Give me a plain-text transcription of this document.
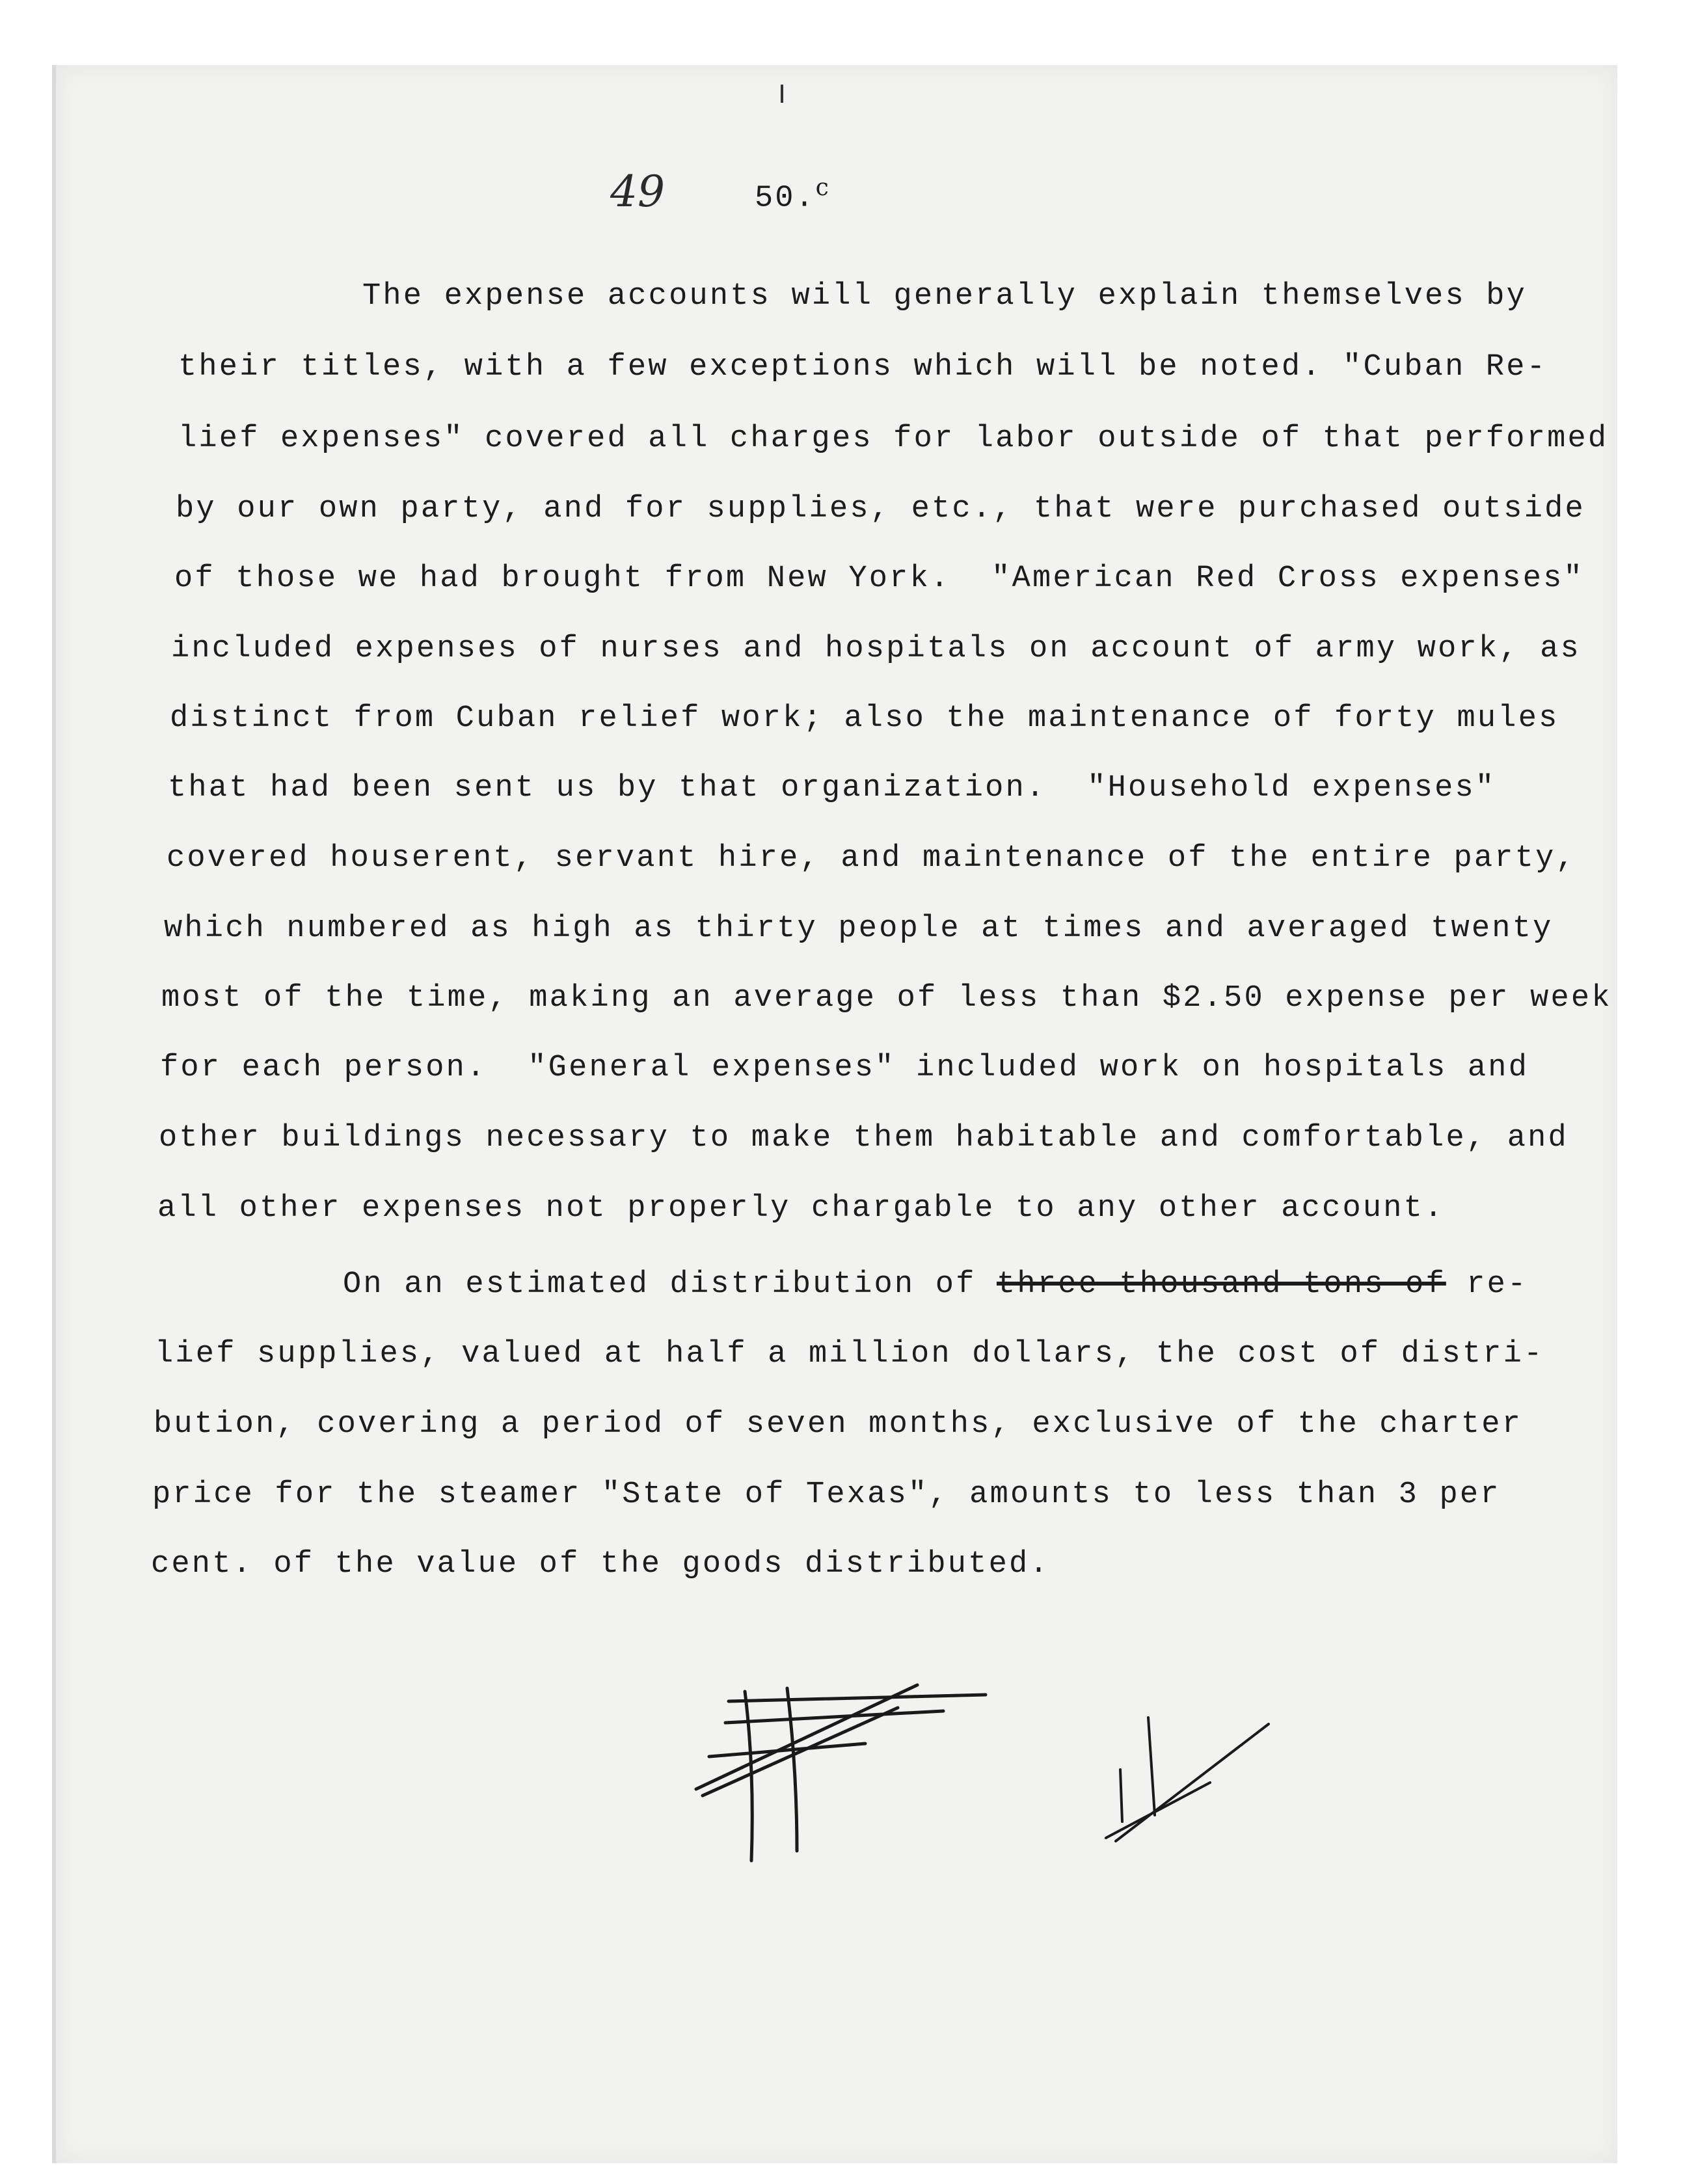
49	50.$^c$
The expense accounts will generally explain themselves by
their titles, with a few exceptions which will be noted. "Cuban Re-
lief expenses" covered all charges for labor outside of that performed
by our own party, and for supplies, etc., that were purchased outside
of those we had brought from New York.  "American Red Cross expenses"
included expenses of nurses and hospitals on account of army work, as
distinct from Cuban relief work; also the maintenance of forty mules
that had been sent us by that organization.  "Household expenses"
covered houserent, servant hire, and maintenance of the entire party,
which numbered as high as thirty people at times and averaged twenty
most of the time, making an average of less than $2.50 expense per week
for each person.  "General expenses" included work on hospitals and
other buildings necessary to make them habitable and comfortable, and
all other expenses not properly chargable to any other account.
On an estimated distribution of three thousand tons of re-
lief supplies, valued at half a million dollars, the cost of distri-
bution, covering a period of seven months, exclusive of the charter
price for the steamer "State of Texas", amounts to less than 3 per
cent. of the value of the goods distributed.
